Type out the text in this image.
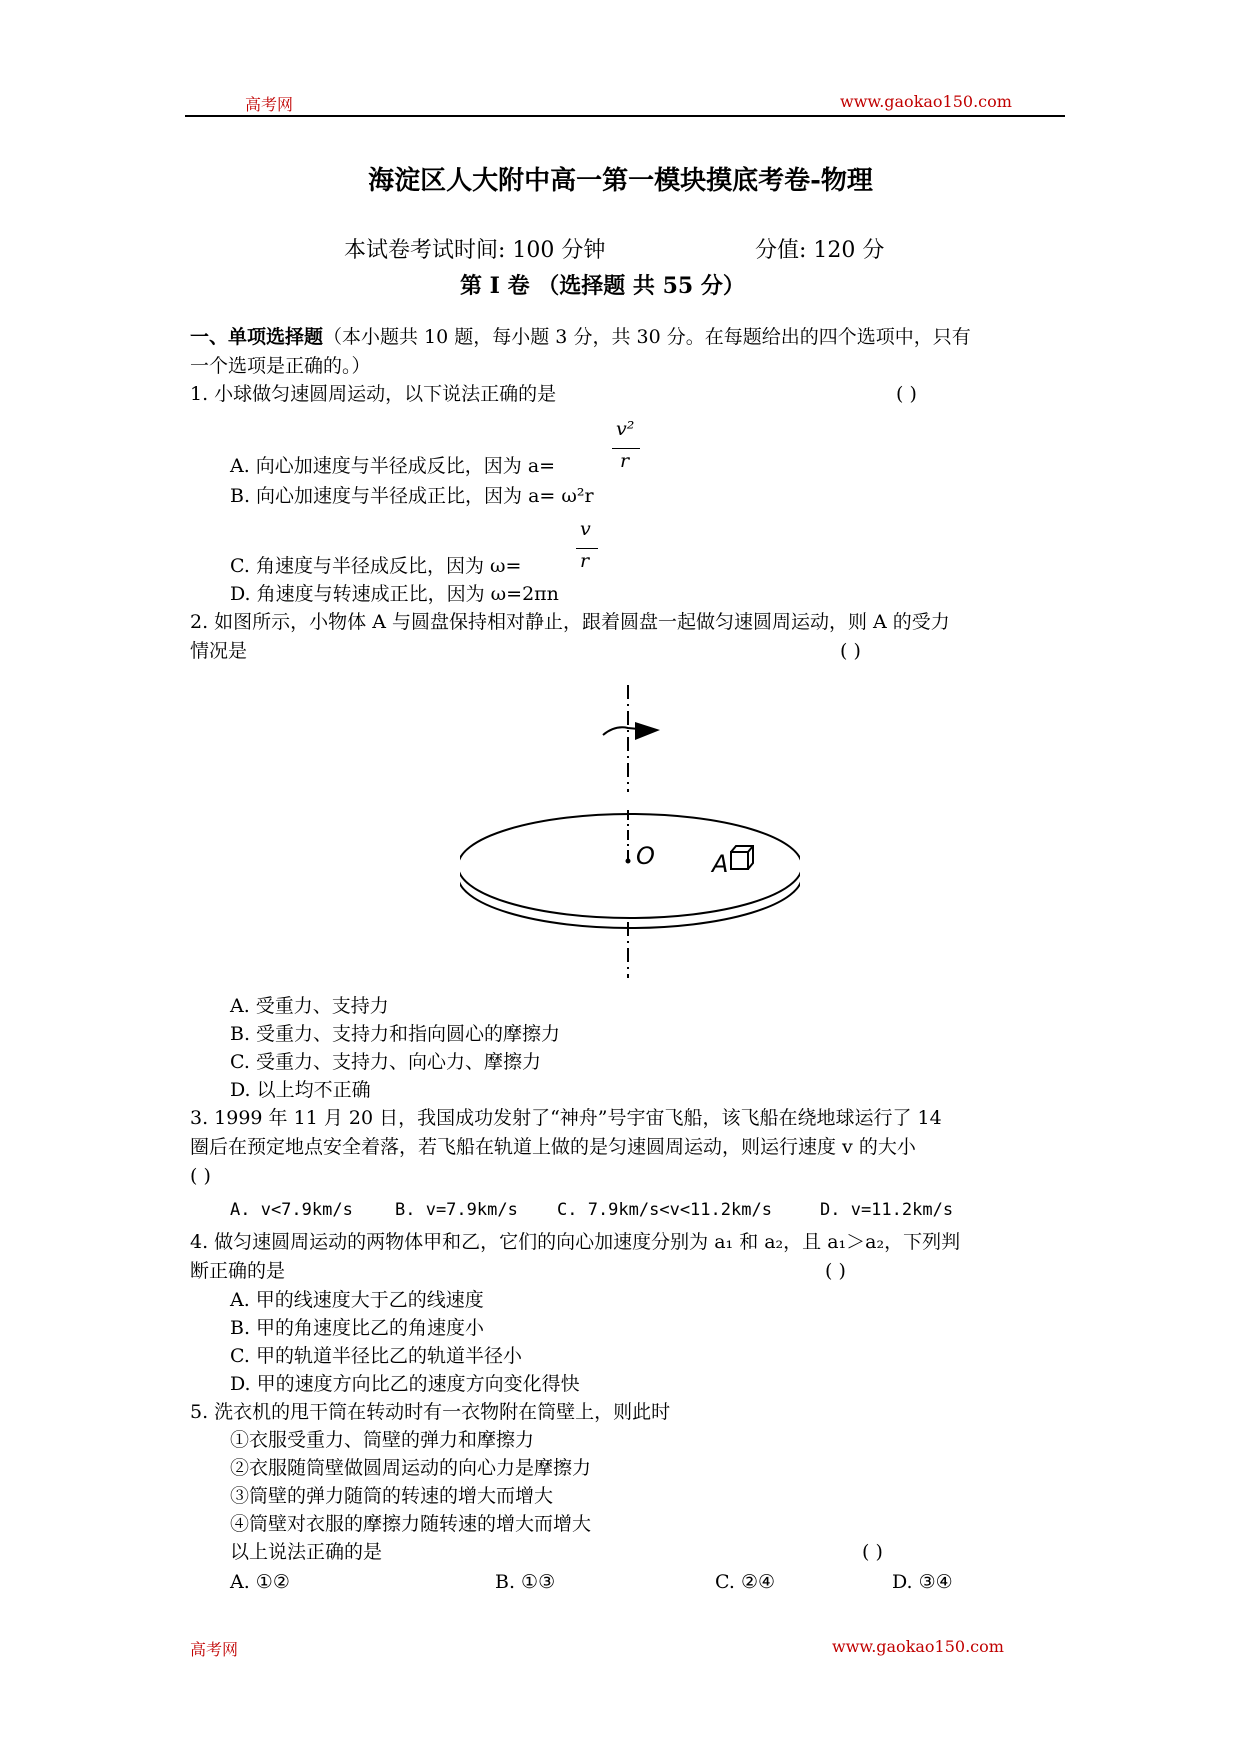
高考网	www.gaokao150.com
海淀区人大附中高一第一模块摸底考卷-物理
本试卷考试时间: 100 分钟	分值: 120 分
第 I 卷 （选择题 共 55 分）
一、单项选择题（本小题共 10 题，每小题 3 分，共 30 分。在每题给出的四个选项中，只有
一个选项是正确的。）
1. 小球做匀速圆周运动，以下说法正确的是	( )
v²
r
A. 向心加速度与半径成反比，因为 a=
B. 向心加速度与半径成正比，因为 a= ω²r
v
r
C. 角速度与半径成反比，因为 ω=
D. 角速度与转速成正比，因为 ω=2πn
2. 如图所示，小物体 A 与圆盘保持相对静止，跟着圆盘一起做匀速圆周运动，则 A 的受力
情况是	( )
O A
A. 受重力、支持力
B. 受重力、支持力和指向圆心的摩擦力
C. 受重力、支持力、向心力、摩擦力
D. 以上均不正确
3. 1999 年 11 月 20 日，我国成功发射了“神舟”号宇宙飞船，该飞船在绕地球运行了 14
圈后在预定地点安全着落，若飞船在轨道上做的是匀速圆周运动，则运行速度 v 的大小
( )
A. v<7.9km/s B. v=7.9km/s C. 7.9km/s<v<11.2km/s	D. v=11.2km/s
4. 做匀速圆周运动的两物体甲和乙，它们的向心加速度分别为 a₁ 和 a₂，且 a₁＞a₂，下列判
断正确的是	( )
A. 甲的线速度大于乙的线速度
B. 甲的角速度比乙的角速度小
C. 甲的轨道半径比乙的轨道半径小
D. 甲的速度方向比乙的速度方向变化得快
5. 洗衣机的甩干筒在转动时有一衣物附在筒壁上，则此时
①衣服受重力、筒壁的弹力和摩擦力
②衣服随筒壁做圆周运动的向心力是摩擦力
③筒壁的弹力随筒的转速的增大而增大
④筒壁对衣服的摩擦力随转速的增大而增大
以上说法正确的是	( )
A. ①②	B. ①③	C. ②④	D. ③④
高考网	www.gaokao150.com
